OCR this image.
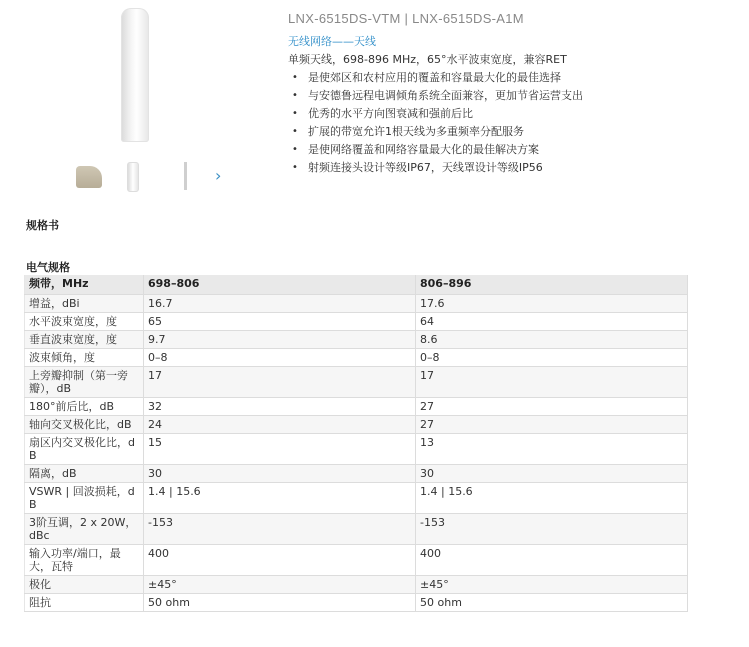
›
LNX-6515DS-VTM | LNX-6515DS-A1M
无线网络——天线
单频天线，698-896 MHz，65°水平波束宽度，兼容RET
• 是使郊区和农村应用的覆盖和容量最大化的最佳选择
• 与安德鲁远程电调倾角系统全面兼容，更加节省运营支出
• 优秀的水平方向图衰减和强前后比
• 扩展的带宽允许1根天线为多重频率分配服务
• 是使网络覆盖和网络容量最大化的最佳解决方案
• 射频连接头设计等级IP67，天线罩设计等级IP56
规格书
电气规格
频带，MHz	698–806	806–896
增益，dBi	16.7	17.6
水平波束宽度，度	65	64
垂直波束宽度，度	9.7	8.6
波束倾角，度	0–8	0–8
上旁瓣抑制（第一旁瓣），dB	17	17
180°前后比，dB	32	27
轴向交叉极化比，dB	24	27
扇区内交叉极化比，dB	15	13
隔离，dB	30	30
VSWR | 回波损耗，dB	1.4 | 15.6	1.4 | 15.6
3阶互调，2 x 20W，dBc	-153	-153
输入功率/端口，最大，瓦特	400	400
极化	±45°	±45°
阻抗	50 ohm	50 ohm
